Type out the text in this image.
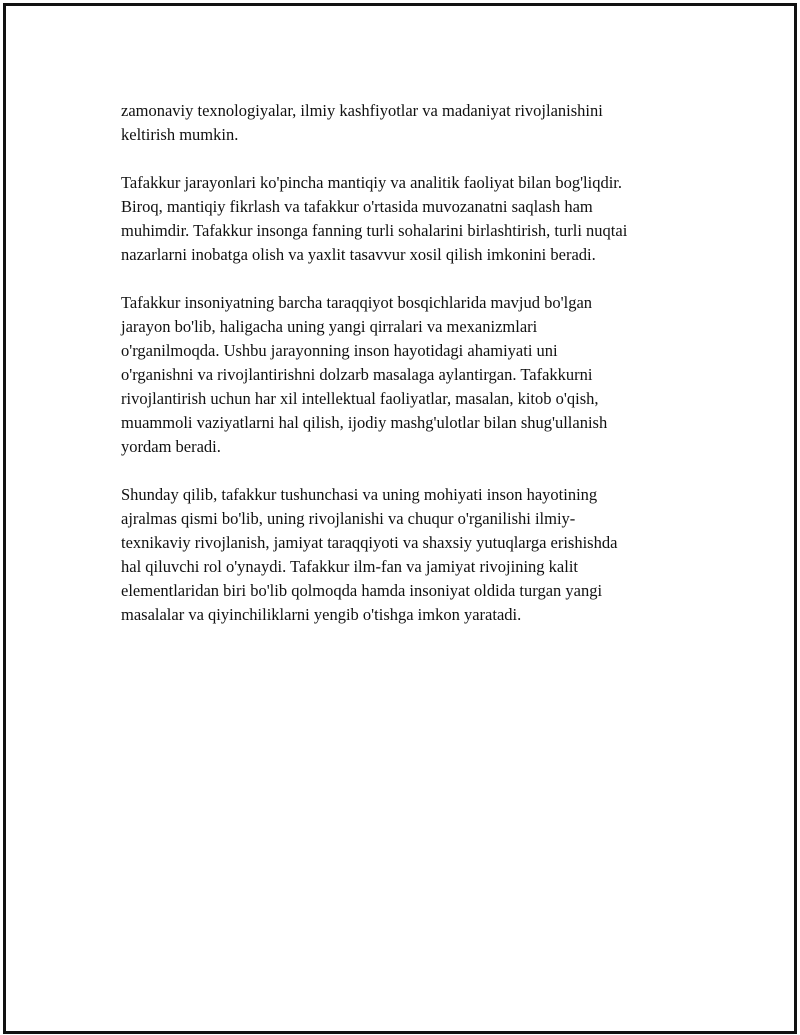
zamonaviy texnologiyalar, ilmiy kashfiyotlar va madaniyat rivojlanishini
keltirish mumkin.

Tafakkur jarayonlari ko'pincha mantiqiy va analitik faoliyat bilan bog'liqdir.
Biroq, mantiqiy fikrlash va tafakkur o'rtasida muvozanatni saqlash ham
muhimdir. Tafakkur insonga fanning turli sohalarini birlashtirish, turli nuqtai
nazarlarni inobatga olish va yaxlit tasavvur xosil qilish imkonini beradi.

Tafakkur insoniyatning barcha taraqqiyot bosqichlarida mavjud bo'lgan
jarayon bo'lib, haligacha uning yangi qirralari va mexanizmlari
o'rganilmoqda. Ushbu jarayonning inson hayotidagi ahamiyati uni
o'rganishni va rivojlantirishni dolzarb masalaga aylantirgan. Tafakkurni
rivojlantirish uchun har xil intellektual faoliyatlar, masalan, kitob o'qish,
muammoli vaziyatlarni hal qilish, ijodiy mashg'ulotlar bilan shug'ullanish
yordam beradi.

Shunday qilib, tafakkur tushunchasi va uning mohiyati inson hayotining
ajralmas qismi bo'lib, uning rivojlanishi va chuqur o'rganilishi ilmiy-
texnikaviy rivojlanish, jamiyat taraqqiyoti va shaxsiy yutuqlarga erishishda
hal qiluvchi rol o'ynaydi. Tafakkur ilm-fan va jamiyat rivojining kalit
elementlaridan biri bo'lib qolmoqda hamda insoniyat oldida turgan yangi
masalalar va qiyinchiliklarni yengib o'tishga imkon yaratadi.
